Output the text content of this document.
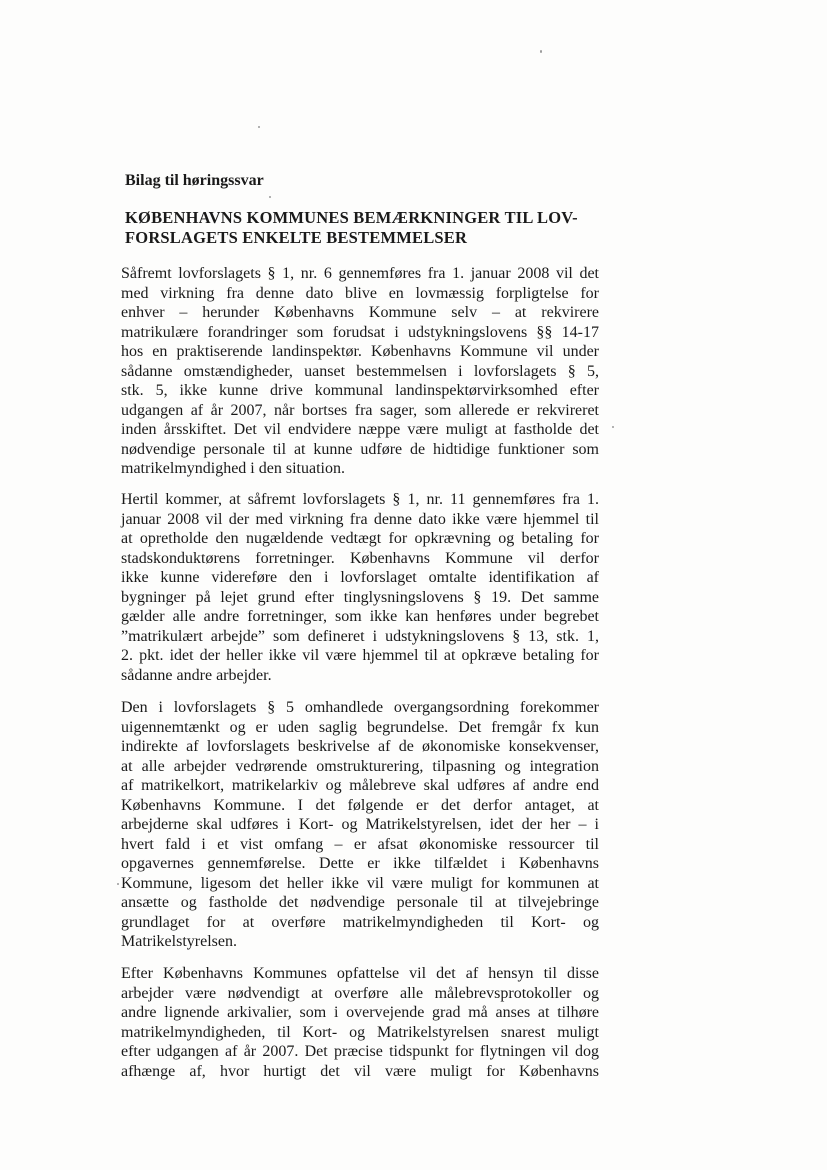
Bilag til høringssvar

KØBENHAVNS KOMMUNES BEMÆRKNINGER TIL LOV-
FORSLAGETS ENKELTE BESTEMMELSER
Såfremt lovforslagets § 1, nr. 6 gennemføres fra 1. januar 2008 vil det
med virkning fra denne dato blive en lovmæssig forpligtelse for
enhver – herunder Københavns Kommune selv – at rekvirere
matrikulære forandringer som forudsat i udstykningslovens §§ 14-17
hos en praktiserende landinspektør. Københavns Kommune vil under
sådanne omstændigheder, uanset bestemmelsen i lovforslagets § 5,
stk. 5, ikke kunne drive kommunal landinspektørvirksomhed efter
udgangen af år 2007, når bortses fra sager, som allerede er rekvireret
inden årsskiftet. Det vil endvidere næppe være muligt at fastholde det
nødvendige personale til at kunne udføre de hidtidige funktioner som
matrikelmyndighed i den situation.
Hertil kommer, at såfremt lovforslagets § 1, nr. 11 gennemføres fra 1.
januar 2008 vil der med virkning fra denne dato ikke være hjemmel til
at opretholde den nugældende vedtægt for opkrævning og betaling for
stadskonduktørens forretninger. Københavns Kommune vil derfor
ikke kunne videreføre den i lovforslaget omtalte identifikation af
bygninger på lejet grund efter tinglysningslovens § 19. Det samme
gælder alle andre forretninger, som ikke kan henføres under begrebet
”matrikulært arbejde” som defineret i udstykningslovens § 13, stk. 1,
2. pkt. idet der heller ikke vil være hjemmel til at opkræve betaling for
sådanne andre arbejder.
Den i lovforslagets § 5 omhandlede overgangsordning forekommer
uigennemtænkt og er uden saglig begrundelse. Det fremgår fx kun
indirekte af lovforslagets beskrivelse af de økonomiske konsekvenser,
at alle arbejder vedrørende omstrukturering, tilpasning og integration
af matrikelkort, matrikelarkiv og målebreve skal udføres af andre end
Københavns Kommune. I det følgende er det derfor antaget, at
arbejderne skal udføres i Kort- og Matrikelstyrelsen, idet der her – i
hvert fald i et vist omfang – er afsat økonomiske ressourcer til
opgavernes gennemførelse. Dette er ikke tilfældet i Københavns
Kommune, ligesom det heller ikke vil være muligt for kommunen at
ansætte og fastholde det nødvendige personale til at tilvejebringe
grundlaget for at overføre matrikelmyndigheden til Kort- og
Matrikelstyrelsen.
Efter Københavns Kommunes opfattelse vil det af hensyn til disse
arbejder være nødvendigt at overføre alle målebrevsprotokoller og
andre lignende arkivalier, som i overvejende grad må anses at tilhøre
matrikelmyndigheden, til Kort- og Matrikelstyrelsen snarest muligt
efter udgangen af år 2007. Det præcise tidspunkt for flytningen vil dog
afhænge af, hvor hurtigt det vil være muligt for Københavns
